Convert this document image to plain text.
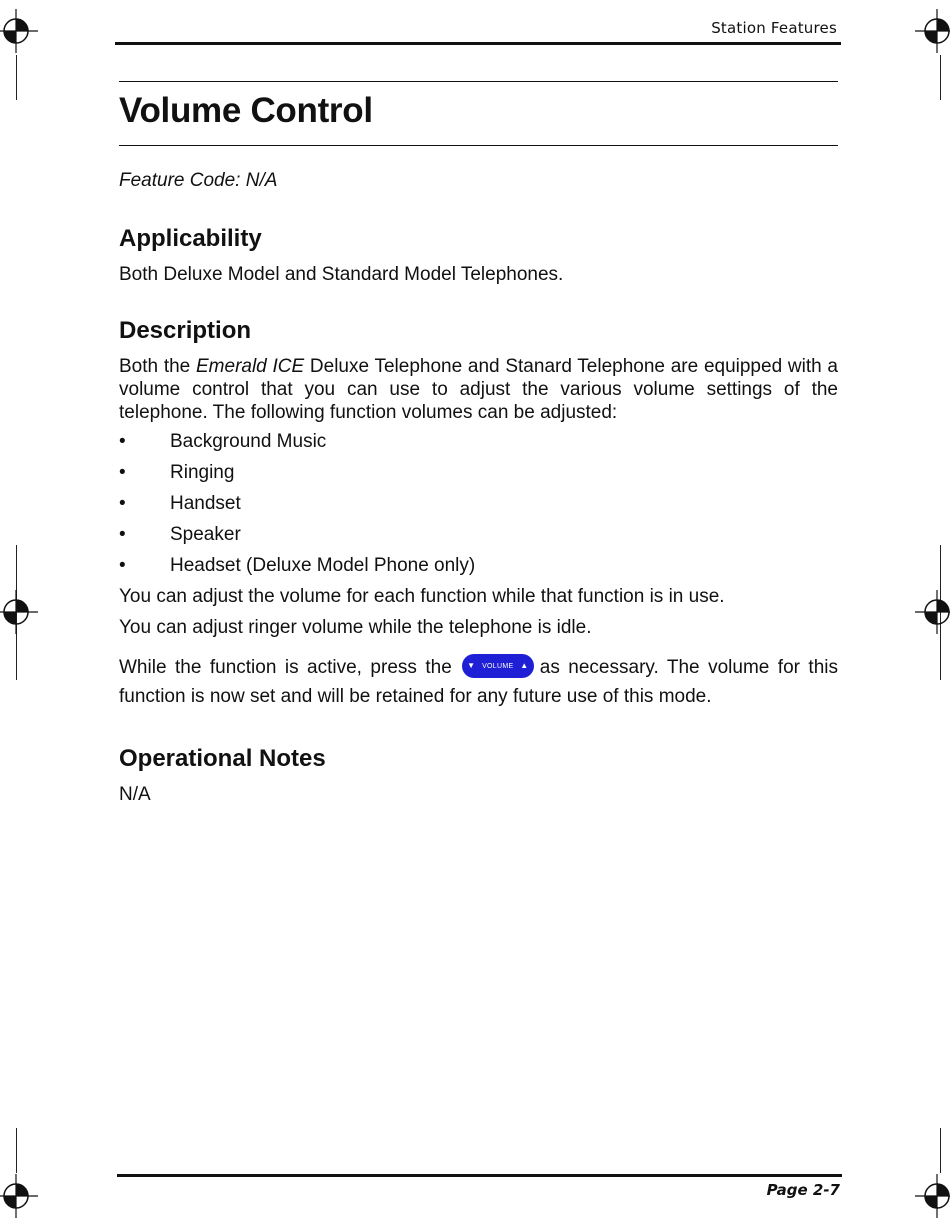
Station Features
Volume Control
Feature Code: N/A
Applicability

Both Deluxe Model and Standard Model Telephones.

Description

Both the Emerald ICE Deluxe Telephone and Stanard Telephone are equipped with a volume control that you can use to adjust the various volume settings of the telephone. The following function volumes can be adjusted:

• Background Music
• Ringing
• Handset
• Speaker
• Headset (Deluxe Model Phone only)

You can adjust the volume for each function while that function is in use.

You can adjust ringer volume while the telephone is idle.

While the function is active, press the ▼ VOLUME ▲ as necessary. The volume for this function is now set and will be retained for any future use of this mode.

Operational Notes

N/A

Page 2-7
